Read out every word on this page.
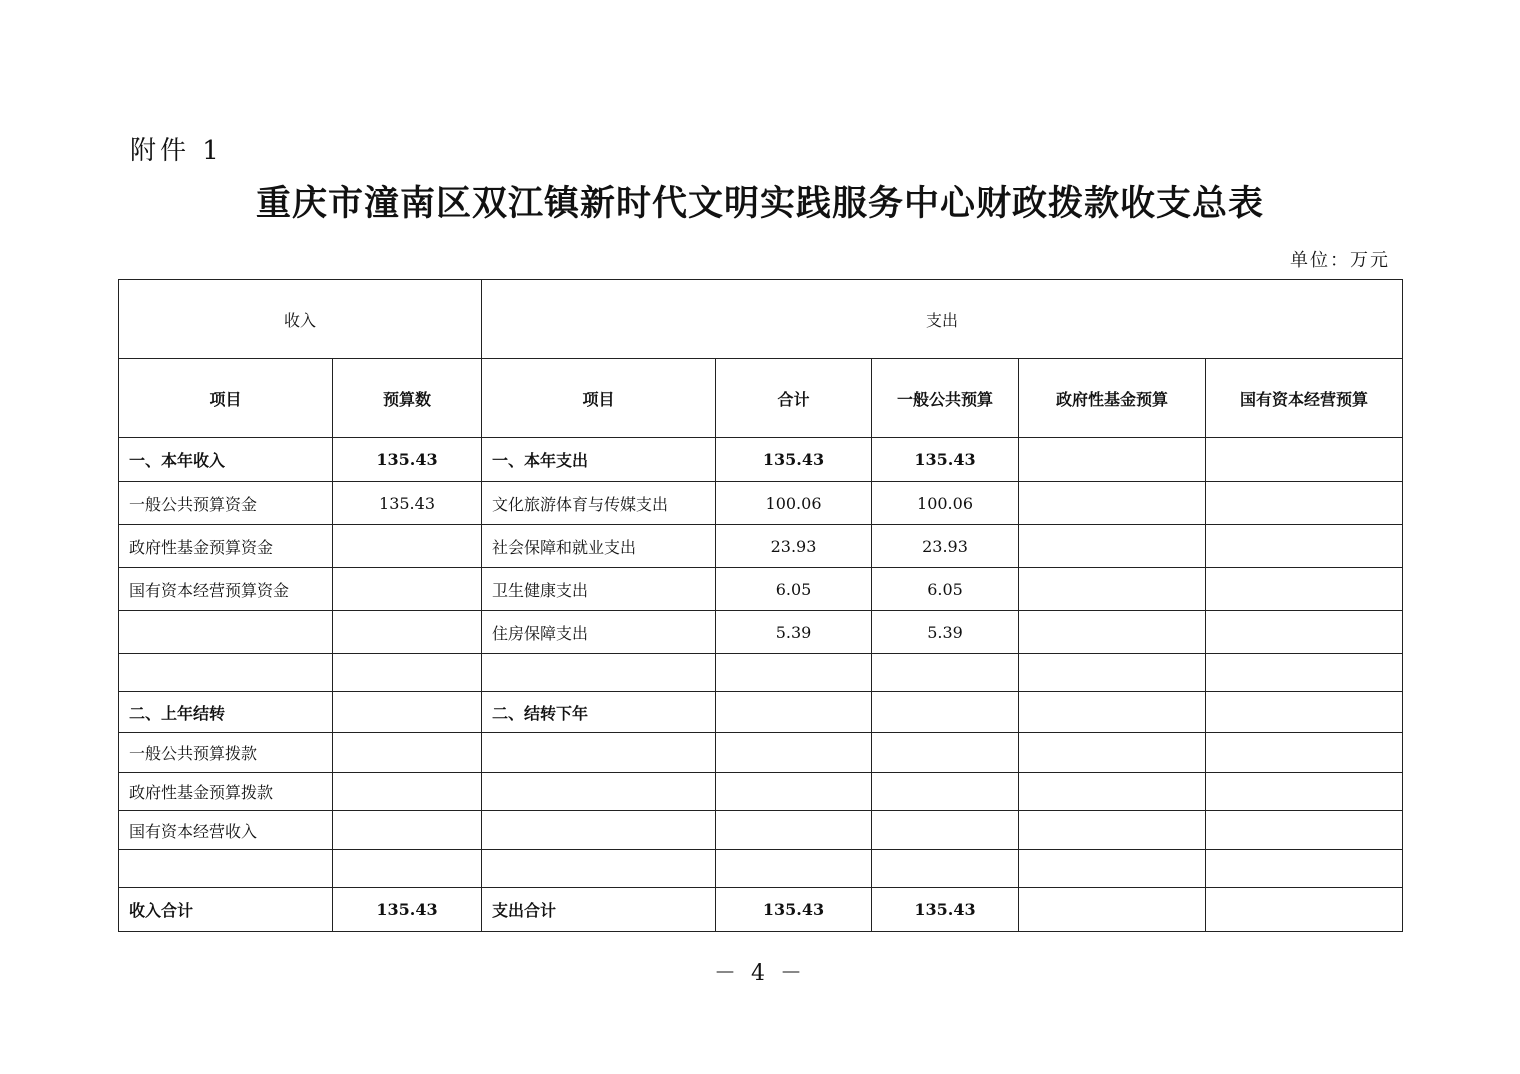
附件 1
重庆市潼南区双江镇新时代文明实践服务中心财政拨款收支总表
单位：万元
收入		支出				
项目	预算数	项目	合计	一般公共预算	政府性基金预算	国有资本经营预算
一、本年收入	135.43	一、本年支出	135.43	135.43		
一般公共预算资金	135.43	文化旅游体育与传媒支出	100.06	100.06		
政府性基金预算资金		社会保障和就业支出	23.93	23.93		
国有资本经营预算资金		卫生健康支出	6.05	6.05		
		住房保障支出	5.39	5.39		

二、上年结转		二、结转下年				
一般公共预算拨款						
政府性基金预算拨款						
国有资本经营收入						

收入合计	135.43	支出合计	135.43	135.43		
－ 4 －
